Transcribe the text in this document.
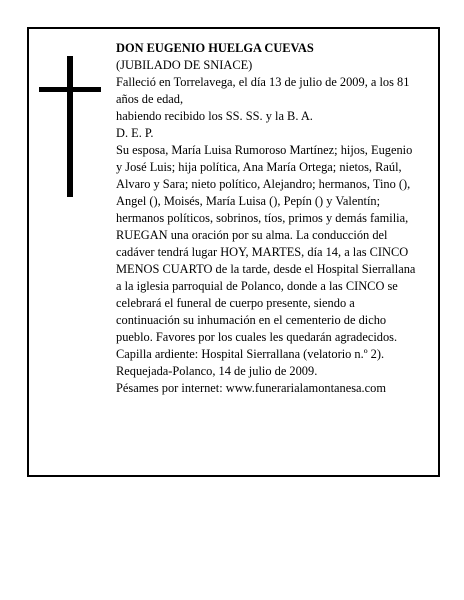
DON EUGENIO HUELGA CUEVAS

(JUBILADO DE SNIACE)

Falleció en Torrelavega, el día 13 de julio de 2009, a los 81 años de edad,

habiendo recibido los SS. SS. y la B. A.

D. E. P.

Su esposa, María Luisa Rumoroso Martínez; hijos, Eugenio y José Luis; hija política, Ana María Ortega; nietos, Raúl, Alvaro y Sara; nieto político, Alejandro; hermanos, Tino (), Angel (), Moisés, María Luisa (), Pepín () y Valentín; hermanos políticos, sobrinos, tíos, primos y demás familia,

RUEGAN una oración por su alma. La conducción del cadáver tendrá lugar HOY, MARTES, día 14, a las CINCO MENOS CUARTO de la tarde, desde el Hospital Sierrallana a la iglesia parroquial de Polanco, donde a las CINCO se celebrará el funeral de cuerpo presente, siendo a continuación su inhumación en el cementerio de dicho pueblo. Favores por los cuales les quedarán agradecidos. Capilla ardiente: Hospital Sierrallana (velatorio n.º 2).

Requejada-Polanco, 14 de julio de 2009.

Pésames por internet: www.funerarialamontanesa.com
